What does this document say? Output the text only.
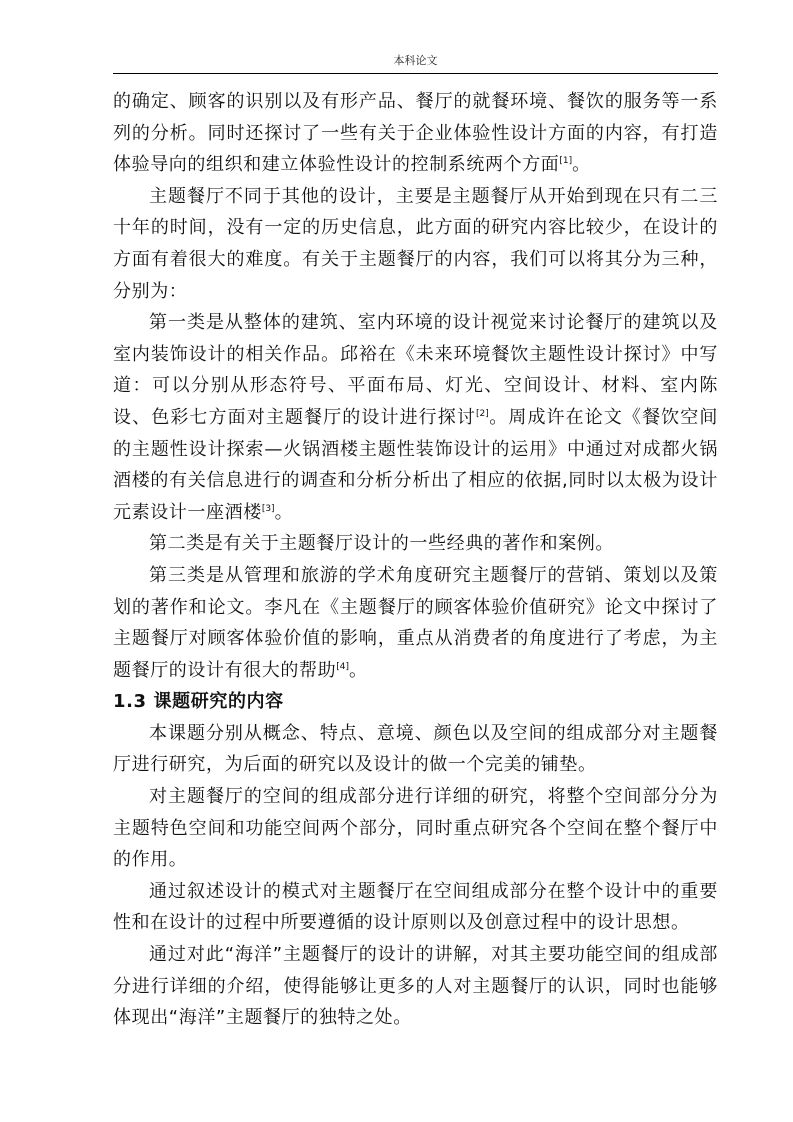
本科论文

的确定、顾客的识别以及有形产品、餐厅的就餐环境、餐饮的服务等一系列的分析。同时还探讨了一些有关于企业体验性设计方面的内容，有打造体验导向的组织和建立体验性设计的控制系统两个方面[1]。

主题餐厅不同于其他的设计，主要是主题餐厅从开始到现在只有二三十年的时间，没有一定的历史信息，此方面的研究内容比较少，在设计的方面有着很大的难度。有关于主题餐厅的内容，我们可以将其分为三种，分别为：

第一类是从整体的建筑、室内环境的设计视觉来讨论餐厅的建筑以及室内装饰设计的相关作品。邱裕在《未来环境餐饮主题性设计探讨》中写道：可以分别从形态符号、平面布局、灯光、空间设计、材料、室内陈设、色彩七方面对主题餐厅的设计进行探讨[2]。周成许在论文《餐饮空间的主题性设计探索—火锅酒楼主题性装饰设计的运用》中通过对成都火锅酒楼的有关信息进行的调查和分析分析出了相应的依据,同时以太极为设计元素设计一座酒楼[3]。

第二类是有关于主题餐厅设计的一些经典的著作和案例。

第三类是从管理和旅游的学术角度研究主题餐厅的营销、策划以及策划的著作和论文。李凡在《主题餐厅的顾客体验价值研究》论文中探讨了主题餐厅对顾客体验价值的影响，重点从消费者的角度进行了考虑，为主题餐厅的设计有很大的帮助[4]。

1.3 课题研究的内容

本课题分别从概念、特点、意境、颜色以及空间的组成部分对主题餐厅进行研究，为后面的研究以及设计的做一个完美的铺垫。

对主题餐厅的空间的组成部分进行详细的研究，将整个空间部分分为主题特色空间和功能空间两个部分，同时重点研究各个空间在整个餐厅中的作用。

通过叙述设计的模式对主题餐厅在空间组成部分在整个设计中的重要性和在设计的过程中所要遵循的设计原则以及创意过程中的设计思想。

通过对此“海洋”主题餐厅的设计的讲解，对其主要功能空间的组成部分进行详细的介绍，使得能够让更多的人对主题餐厅的认识，同时也能够体现出“海洋”主题餐厅的独特之处。
